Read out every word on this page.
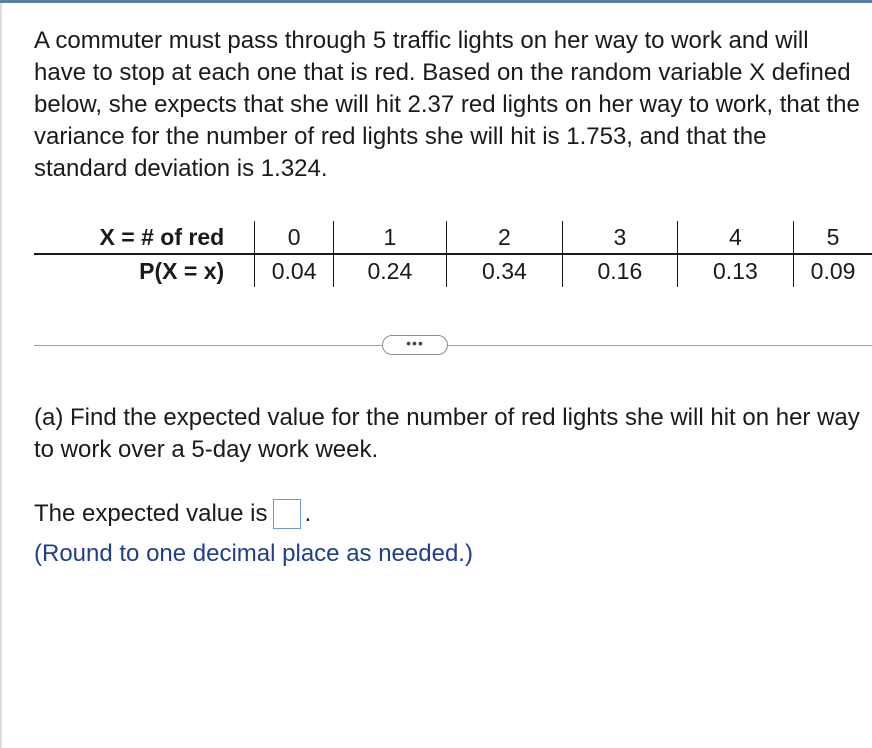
A commuter must pass through 5 traffic lights on her way to work and will have to stop at each one that is red. Based on the random variable X defined below, she expects that she will hit 2.37 red lights on her way to work, that the variance for the number of red lights she will hit is 1.753, and that the standard deviation is 1.324.

X = # of red		0	1	2	3	4	5
P(X = x)		0.04	0.24	0.34	0.16	0.13	0.09
•••

(a) Find the expected value for the number of red lights she will hit on her way to work over a 5-day work week.

The expected value is .
(Round to one decimal place as needed.)
